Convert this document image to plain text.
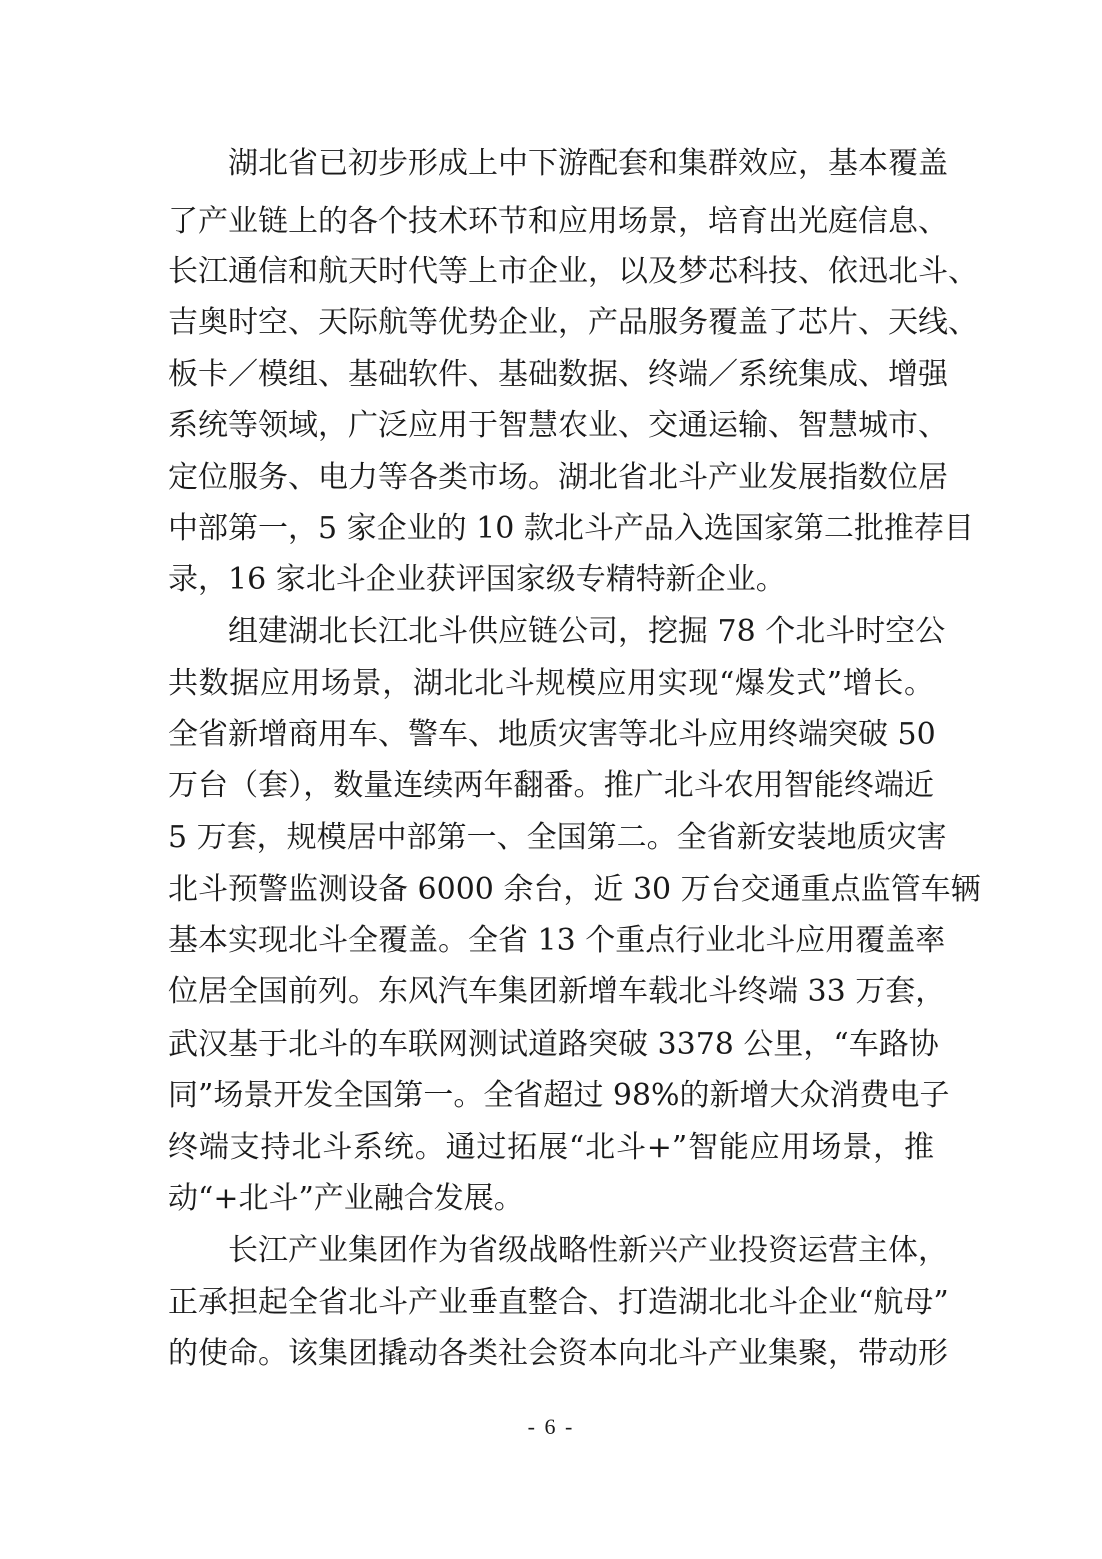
湖北省已初步形成上中下游配套和集群效应，基本覆盖
了产业链上的各个技术环节和应用场景，培育出光庭信息、
长江通信和航天时代等上市企业，以及梦芯科技、依迅北斗、
吉奥时空、天际航等优势企业，产品服务覆盖了芯片、天线、
板卡／模组、基础软件、基础数据、终端／系统集成、增强
系统等领域，广泛应用于智慧农业、交通运输、智慧城市、
定位服务、电力等各类市场。湖北省北斗产业发展指数位居
中部第一，5 家企业的 10 款北斗产品入选国家第二批推荐目
录，16 家北斗企业获评国家级专精特新企业。
组建湖北长江北斗供应链公司，挖掘 78 个北斗时空公
共数据应用场景，湖北北斗规模应用实现“爆发式”增长。
全省新增商用车、警车、地质灾害等北斗应用终端突破 50
万台（套），数量连续两年翻番。推广北斗农用智能终端近
5 万套，规模居中部第一、全国第二。全省新安装地质灾害
北斗预警监测设备 6000 余台，近 30 万台交通重点监管车辆
基本实现北斗全覆盖。全省 13 个重点行业北斗应用覆盖率
位居全国前列。东风汽车集团新增车载北斗终端 33 万套，
武汉基于北斗的车联网测试道路突破 3378 公里，“车路协
同”场景开发全国第一。全省超过 98%的新增大众消费电子
终端支持北斗系统。通过拓展“北斗+”智能应用场景，推
动“+北斗”产业融合发展。
长江产业集团作为省级战略性新兴产业投资运营主体，
正承担起全省北斗产业垂直整合、打造湖北北斗企业“航母”
的使命。该集团撬动各类社会资本向北斗产业集聚，带动形
- 6 -
